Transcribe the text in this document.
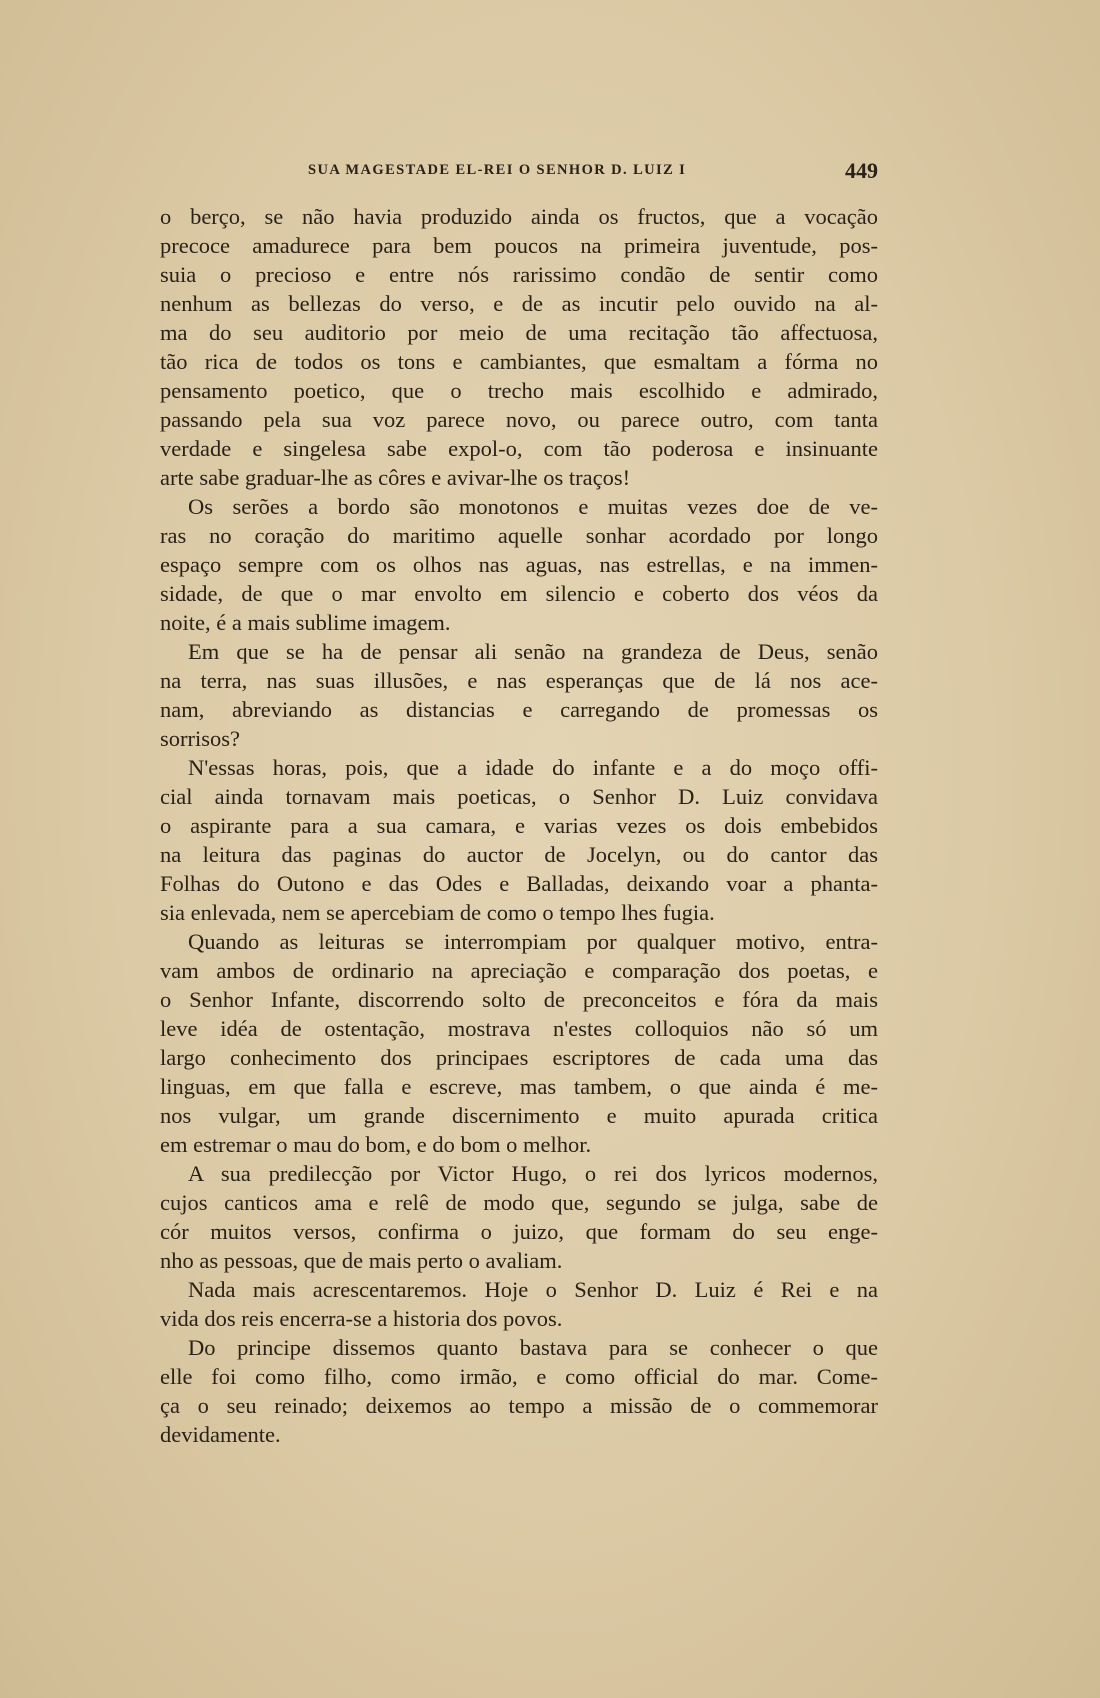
SUA MAGESTADE EL-REI O SENHOR D. LUIZ I	449
o berço, se não havia produzido ainda os fructos, que a vocação
precoce amadurece para bem poucos na primeira juventude, pos-
suia o precioso e entre nós rarissimo condão de sentir como
nenhum as bellezas do verso, e de as incutir pelo ouvido na al-
ma do seu auditorio por meio de uma recitação tão affectuosa,
tão rica de todos os tons e cambiantes, que esmaltam a fórma no
pensamento poetico, que o trecho mais escolhido e admirado,
passando pela sua voz parece novo, ou parece outro, com tanta
verdade e singelesa sabe expol-o, com tão poderosa e insinuante
arte sabe graduar-lhe as côres e avivar-lhe os traços!
Os serões a bordo são monotonos e muitas vezes doe de ve-
ras no coração do maritimo aquelle sonhar acordado por longo
espaço sempre com os olhos nas aguas, nas estrellas, e na immen-
sidade, de que o mar envolto em silencio e coberto dos véos da
noite, é a mais sublime imagem.
Em que se ha de pensar ali senão na grandeza de Deus, senão
na terra, nas suas illusões, e nas esperanças que de lá nos ace-
nam, abreviando as distancias e carregando de promessas os
sorrisos?
N'essas horas, pois, que a idade do infante e a do moço offi-
cial ainda tornavam mais poeticas, o Senhor D. Luiz convidava
o aspirante para a sua camara, e varias vezes os dois embebidos
na leitura das paginas do auctor de Jocelyn, ou do cantor das
Folhas do Outono e das Odes e Balladas, deixando voar a phanta-
sia enlevada, nem se apercebiam de como o tempo lhes fugia.
Quando as leituras se interrompiam por qualquer motivo, entra-
vam ambos de ordinario na apreciação e comparação dos poetas, e
o Senhor Infante, discorrendo solto de preconceitos e fóra da mais
leve idéa de ostentação, mostrava n'estes colloquios não só um
largo conhecimento dos principaes escriptores de cada uma das
linguas, em que falla e escreve, mas tambem, o que ainda é me-
nos vulgar, um grande discernimento e muito apurada critica
em estremar o mau do bom, e do bom o melhor.
A sua predilecção por Victor Hugo, o rei dos lyricos modernos,
cujos canticos ama e relê de modo que, segundo se julga, sabe de
cór muitos versos, confirma o juizo, que formam do seu enge-
nho as pessoas, que de mais perto o avaliam.
Nada mais acrescentaremos. Hoje o Senhor D. Luiz é Rei e na
vida dos reis encerra-se a historia dos povos.
Do principe dissemos quanto bastava para se conhecer o que
elle foi como filho, como irmão, e como official do mar. Come-
ça o seu reinado; deixemos ao tempo a missão de o commemorar
devidamente.
